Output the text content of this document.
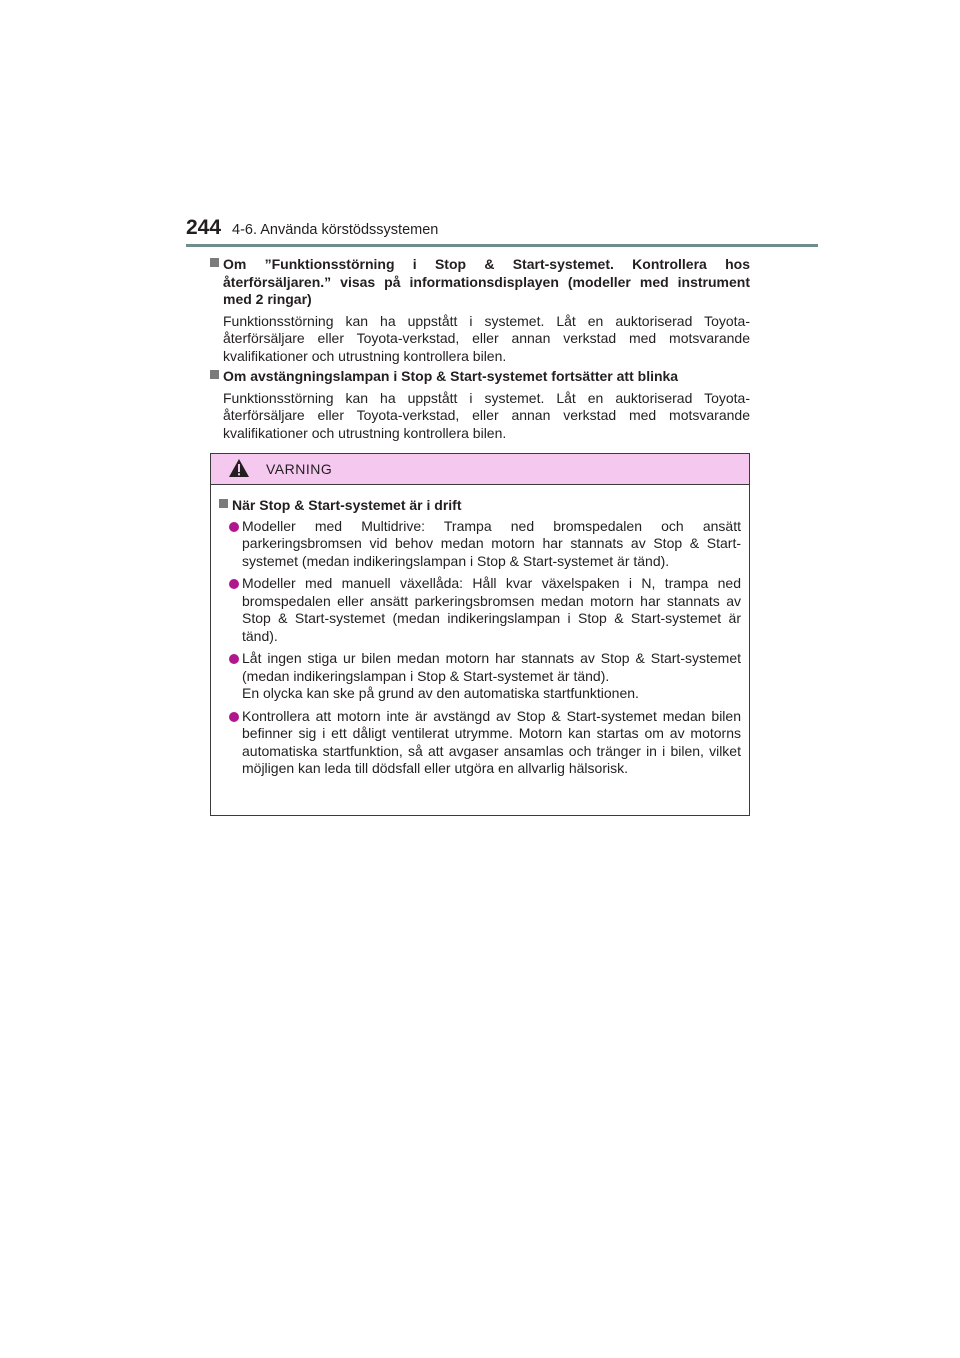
244 4-6. Använda körstödssystemen
Om ”Funktionsstörning i Stop & Start-systemet. Kontrollera hos återförsäljaren.” visas på informationsdisplayen (modeller med instrument med 2 ringar)
Funktionsstörning kan ha uppstått i systemet. Låt en auktoriserad Toyota-återförsäljare eller Toyota-verkstad, eller annan verkstad med motsvarande kvalifikationer och utrustning kontrollera bilen.
Om avstängningslampan i Stop & Start-systemet fortsätter att blinka
Funktionsstörning kan ha uppstått i systemet. Låt en auktoriserad Toyota-återförsäljare eller Toyota-verkstad, eller annan verkstad med motsvarande kvalifikationer och utrustning kontrollera bilen.
VARNING
När Stop & Start-systemet är i drift
Modeller med Multidrive: Trampa ned bromspedalen och ansätt parkeringsbromsen vid behov medan motorn har stannats av Stop & Start-systemet (medan indikeringslampan i Stop & Start-systemet är tänd).
Modeller med manuell växellåda: Håll kvar växelspaken i N, trampa ned bromspedalen eller ansätt parkeringsbromsen medan motorn har stannats av Stop & Start-systemet (medan indikeringslampan i Stop & Start-systemet är tänd).
Låt ingen stiga ur bilen medan motorn har stannats av Stop & Start-systemet (medan indikeringslampan i Stop & Start-systemet är tänd).
En olycka kan ske på grund av den automatiska startfunktionen.
Kontrollera att motorn inte är avstängd av Stop & Start-systemet medan bilen befinner sig i ett dåligt ventilerat utrymme. Motorn kan startas om av motorns automatiska startfunktion, så att avgaser ansamlas och tränger in i bilen, vilket möjligen kan leda till dödsfall eller utgöra en allvarlig hälsorisk.
